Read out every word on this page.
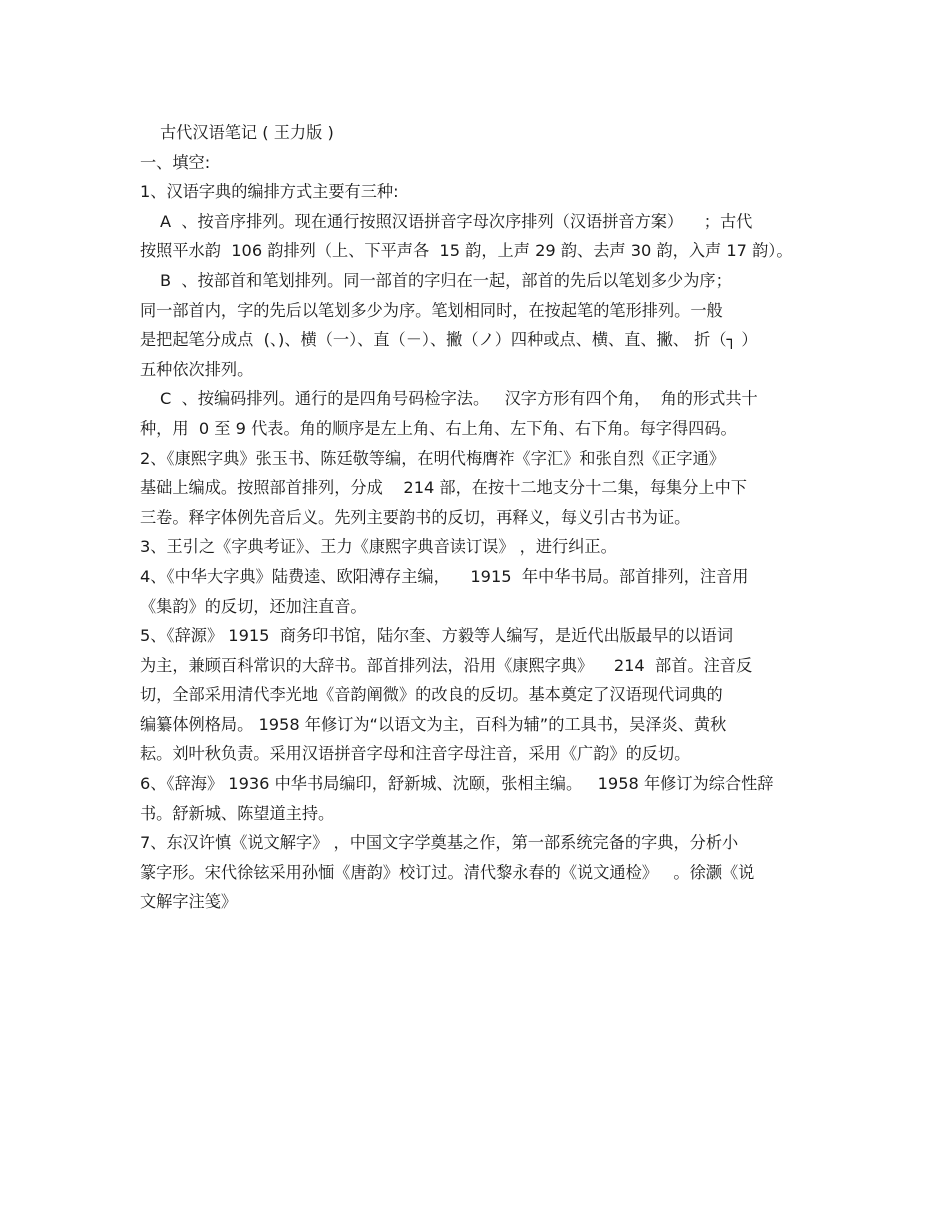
古代汉语笔记 ( 王力版 )
一、填空:
1、汉语字典的编排方式主要有三种:
A  、按音序排列。现在通行按照汉语拼音字母次序排列（汉语拼音方案）    ；古代
按照平水韵  106 韵排列（上、下平声各  15 韵，上声 29 韵、去声 30 韵，入声 17 韵）。
B  、按部首和笔划排列。同一部首的字归在一起，部首的先后以笔划多少为序；
同一部首内，字的先后以笔划多少为序。笔划相同时，在按起笔的笔形排列。一般
是把起笔分成点  (、)、横（一）、直（－）、撇（ノ）四种或点、横、直、撇、 折（┐ ）
五种依次排列。
C  、按编码排列。通行的是四角号码检字法。   汉字方形有四个角，  角的形式共十
种，用  0 至 9 代表。角的顺序是左上角、右上角、左下角、右下角。每字得四码。
2、《康熙字典》张玉书、陈廷敬等编，在明代梅膺祚《字汇》和张自烈《正字通》
基础上编成。按照部首排列，分成    214 部，在按十二地支分十二集，每集分上中下
三卷。释字体例先音后义。先列主要韵书的反切，再释义，每义引古书为证。
3、王引之《字典考证》、王力《康熙字典音读订误》 ，进行纠正。
4、《中华大字典》陆费逵、欧阳溥存主编，    1915  年中华书局。部首排列，注音用
《集韵》的反切，还加注直音。
5、《辞源》 1915  商务印书馆，陆尔奎、方毅等人编写，是近代出版最早的以语词
为主，兼顾百科常识的大辞书。部首排列法，沿用《康熙字典》    214  部首。注音反
切，全部采用清代李光地《音韵阐微》的改良的反切。基本奠定了汉语现代词典的
编纂体例格局。 1958 年修订为“以语文为主，百科为辅”的工具书，吴泽炎、黄秋
耘。刘叶秋负责。采用汉语拼音字母和注音字母注音，采用《广韵》的反切。
6、《辞海》 1936 中华书局编印，舒新城、沈颐，张相主编。   1958 年修订为综合性辞
书。舒新城、陈望道主持。
7、东汉许慎《说文解字》 ，中国文字学奠基之作，第一部系统完备的字典，分析小
篆字形。宋代徐铉采用孙愐《唐韵》校订过。清代黎永春的《说文通检》   。徐灏《说
文解字注笺》
